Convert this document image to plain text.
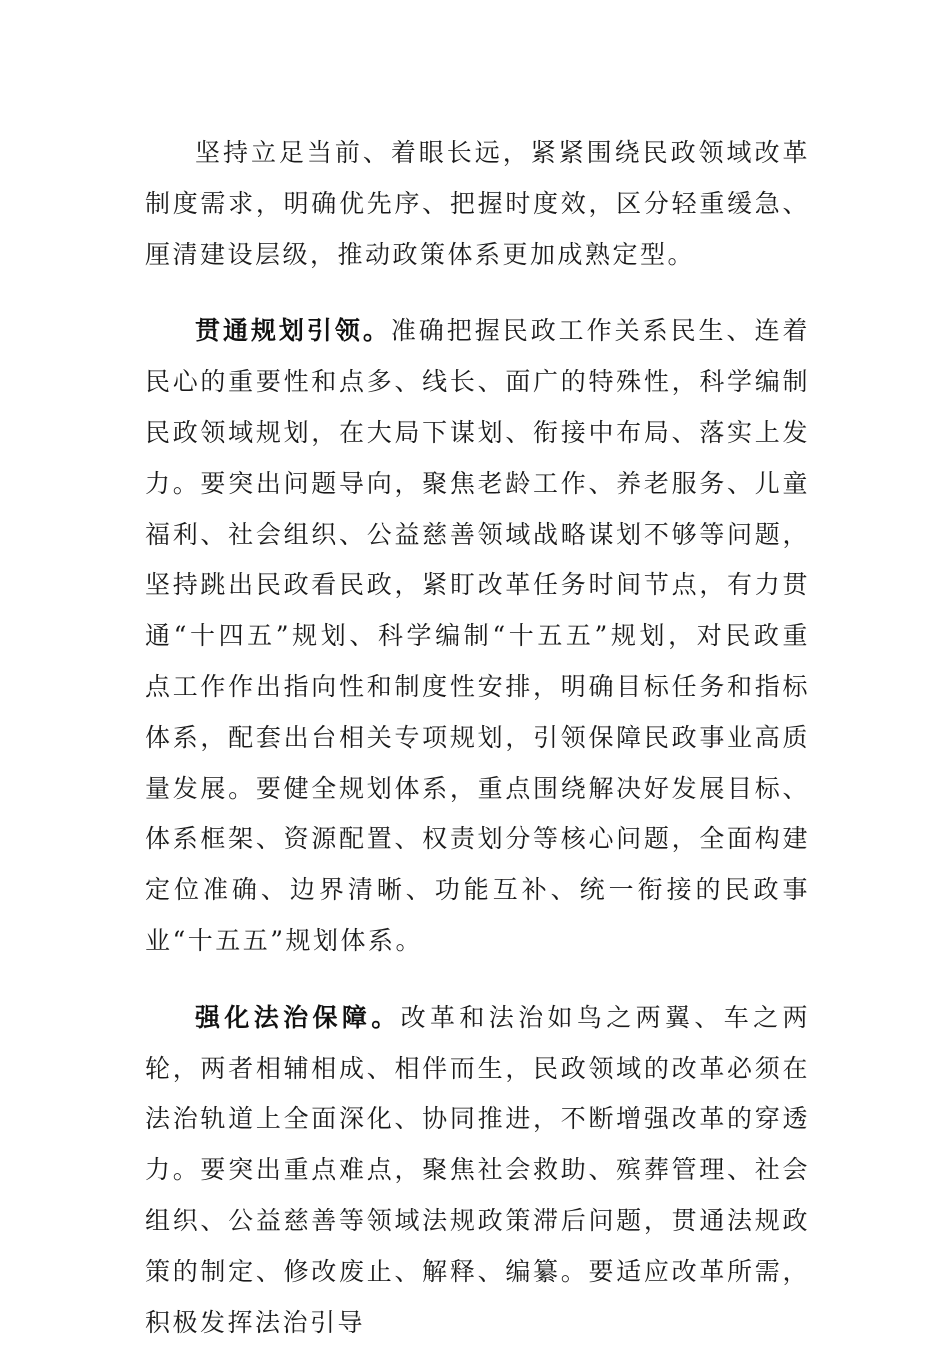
坚持立足当前、着眼长远，紧紧围绕民政领域改革制度需求，明确优先序、把握时度效，区分轻重缓急、厘清建设层级，推动政策体系更加成熟定型。

贯通规划引领。准确把握民政工作关系民生、连着民心的重要性和点多、线长、面广的特殊性，科学编制民政领域规划，在大局下谋划、衔接中布局、落实上发力。要突出问题导向，聚焦老龄工作、养老服务、儿童福利、社会组织、公益慈善领域战略谋划不够等问题，坚持跳出民政看民政，紧盯改革任务时间节点，有力贯通“十四五”规划、科学编制“十五五”规划，对民政重点工作作出指向性和制度性安排，明确目标任务和指标体系，配套出台相关专项规划，引领保障民政事业高质量发展。要健全规划体系，重点围绕解决好发展目标、体系框架、资源配置、权责划分等核心问题，全面构建定位准确、边界清晰、功能互补、统一衔接的民政事业“十五五”规划体系。

强化法治保障。改革和法治如鸟之两翼、车之两轮，两者相辅相成、相伴而生，民政领域的改革必须在法治轨道上全面深化、协同推进，不断增强改革的穿透力。要突出重点难点，聚焦社会救助、殡葬管理、社会组织、公益慈善等领域法规政策滞后问题，贯通法规政策的制定、修改废止、解释、编纂。要适应改革所需，积极发挥法治引导
